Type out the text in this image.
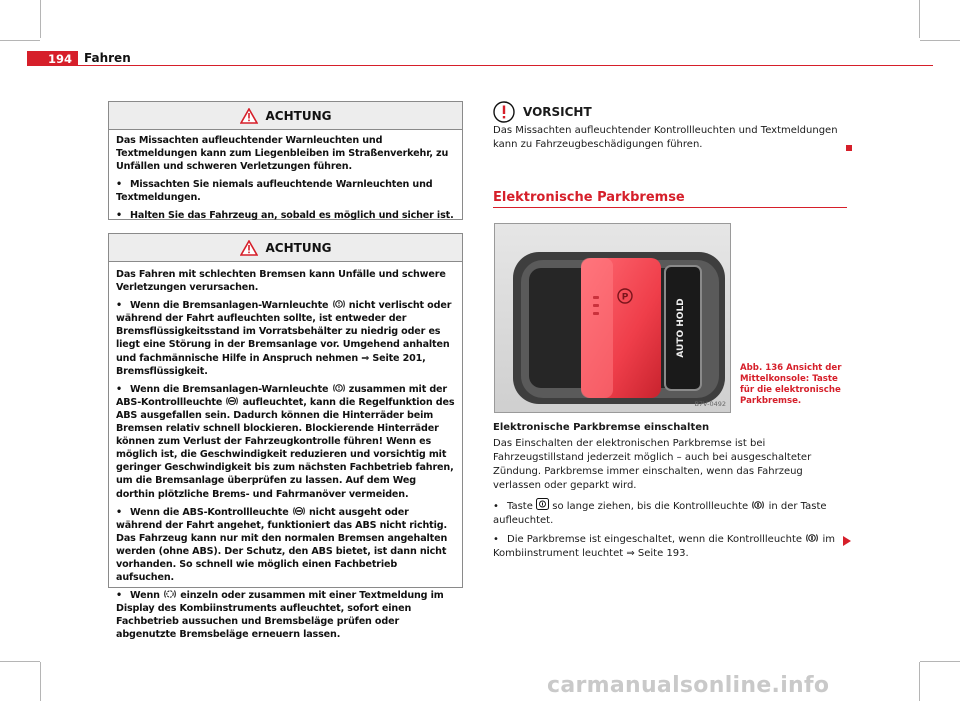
194	Fahren
ACHTUNG

Das Missachten aufleuchtender Warnleuchten und Textmeldungen kann zum Liegenbleiben im Straßenverkehr, zu Unfällen und schweren Verletzungen führen.

• Missachten Sie niemals aufleuchtende Warnleuchten und Textmeldungen.

• Halten Sie das Fahrzeug an, sobald es möglich und sicher ist.

ACHTUNG

Das Fahren mit schlechten Bremsen kann Unfälle und schwere Verletzungen verursachen.

• Wenn die Bremsanlagen-Warnleuchte nicht verlischt oder während der Fahrt aufleuchten sollte, ist entweder der Bremsflüssigkeitsstand im Vorratsbehälter zu niedrig oder es liegt eine Störung in der Bremsanlage vor. Umgehend anhalten und fachmännische Hilfe in Anspruch nehmen ⇒ Seite 201, Bremsflüssigkeit.

• Wenn die Bremsanlagen-Warnleuchte zusammen mit der ABS-Kontrollleuchte aufleuchtet, kann die Regelfunktion des ABS ausgefallen sein. Dadurch können die Hinterräder beim Bremsen relativ schnell blockieren. Blockierende Hinterräder können zum Verlust der Fahrzeugkontrolle führen! Wenn es möglich ist, die Geschwindigkeit reduzieren und vorsichtig mit geringer Geschwindigkeit bis zum nächsten Fachbetrieb fahren, um die Bremsanlage überprüfen zu lassen. Auf dem Weg dorthin plötzliche Brems- und Fahrmanöver vermeiden.

• Wenn die ABS-Kontrollleuchte nicht ausgeht oder während der Fahrt angehet, funktioniert das ABS nicht richtig. Das Fahrzeug kann nur mit den normalen Bremsen angehalten werden (ohne ABS). Der Schutz, den ABS bietet, ist dann nicht vorhanden. So schnell wie möglich einen Fachbetrieb aufsuchen.

• Wenn einzeln oder zusammen mit einer Textmeldung im Display des Kombiinstruments aufleuchtet, sofort einen Fachbetrieb aussuchen und Bremsbeläge prüfen oder abgenutzte Bremsbeläge erneuern lassen.

VORSICHT
Das Missachten aufleuchtender Kontrollleuchten und Textmeldungen kann zu Fahrzeugbeschädigungen führen.
Elektronische Parkbremse
P
AUTO HOLD
B7V-0492
Abb. 136 Ansicht der Mittelkonsole: Taste für die elektronische Parkbremse.
Elektronische Parkbremse einschalten

Das Einschalten der elektronischen Parkbremse ist bei Fahrzeugstillstand jederzeit möglich – auch bei ausgeschalteter Zündung. Parkbremse immer einschalten, wenn das Fahrzeug verlassen oder geparkt wird.

• Taste so lange ziehen, bis die Kontrollleuchte in der Taste aufleuchtet.

• Die Parkbremse ist eingeschaltet, wenn die Kontrollleuchte im Kombiinstrument leuchtet ⇒ Seite 193.

carmanualsonline.info
